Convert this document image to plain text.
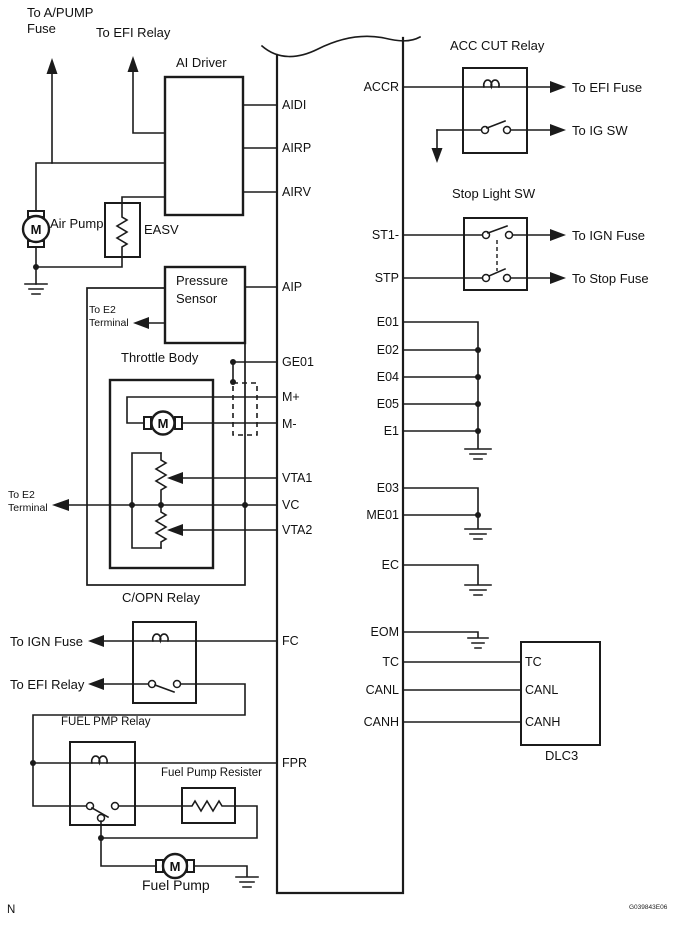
M
M
M
To A/PUMP
Fuse	To EFI Relay
AI Driver
Air Pump	EASV
Pressure
Sensor
To E2
Terminal
Throttle Body
To E2
Terminal
C/OPN Relay
To IGN Fuse
To EFI Relay
FUEL PMP Relay
Fuel Pump Resister
Fuel Pump
ACC CUT Relay
To EFI Fuse
To IG SW
Stop Light SW
To IGN Fuse
To Stop Fuse
DLC3
N	G039843E06
AIDI
AIRP
AIRV
AIP
GE01
M+
M-
VTA1
VC
VTA2
FC
FPR
ACCR
ST1-
STP
E01
E02
E04
E05
E1
E03
ME01
EC
EOM
TC
CANL
CANH
TC
CANL
CANH
